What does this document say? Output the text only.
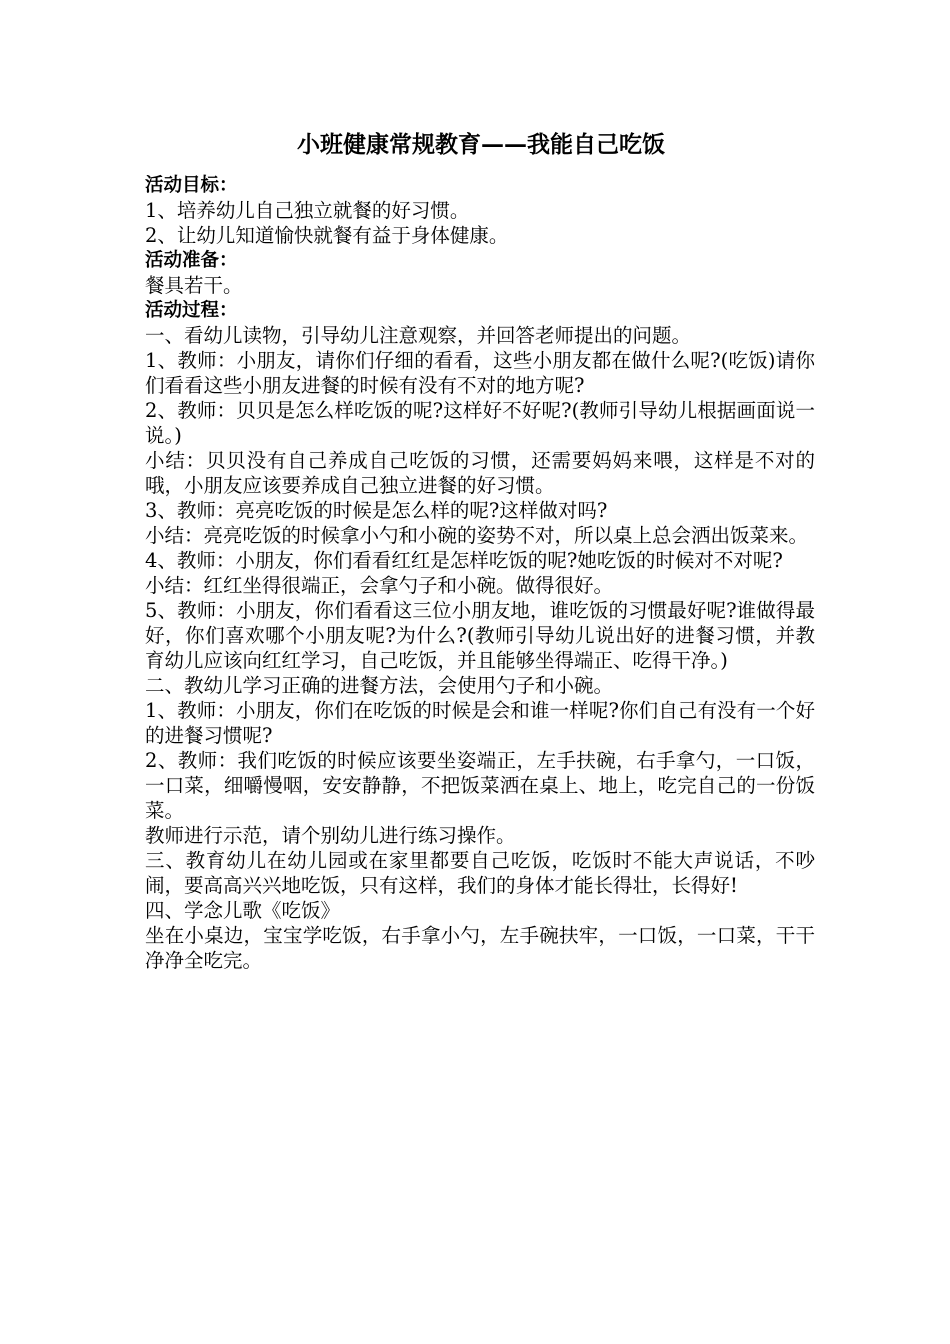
小班健康常规教育——我能自己吃饭

活动目标：

1、培养幼儿自己独立就餐的好习惯。

2、让幼儿知道愉快就餐有益于身体健康。

活动准备：

餐具若干。

活动过程：

一、看幼儿读物，引导幼儿注意观察，并回答老师提出的问题。

1、教师：小朋友，请你们仔细的看看，这些小朋友都在做什么呢?(吃饭)请你们看看这些小朋友进餐的时候有没有不对的地方呢?

2、教师：贝贝是怎么样吃饭的呢?这样好不好呢?(教师引导幼儿根据画面说一说。)

小结：贝贝没有自己养成自己吃饭的习惯，还需要妈妈来喂，这样是不对的哦，小朋友应该要养成自己独立进餐的好习惯。

3、教师：亮亮吃饭的时候是怎么样的呢?这样做对吗?

小结：亮亮吃饭的时候拿小勺和小碗的姿势不对，所以桌上总会洒出饭菜来。

4、教师：小朋友，你们看看红红是怎样吃饭的呢?她吃饭的时候对不对呢?

小结：红红坐得很端正，会拿勺子和小碗。做得很好。

5、教师：小朋友，你们看看这三位小朋友地，谁吃饭的习惯最好呢?谁做得最好，你们喜欢哪个小朋友呢?为什么?(教师引导幼儿说出好的进餐习惯，并教育幼儿应该向红红学习，自己吃饭，并且能够坐得端正、吃得干净。)

二、教幼儿学习正确的进餐方法，会使用勺子和小碗。

1、教师：小朋友，你们在吃饭的时候是会和谁一样呢?你们自己有没有一个好的进餐习惯呢?

2、教师：我们吃饭的时候应该要坐姿端正，左手扶碗，右手拿勺，一口饭，一口菜，细嚼慢咽，安安静静，不把饭菜洒在桌上、地上，吃完自己的一份饭菜。

教师进行示范，请个别幼儿进行练习操作。

三、教育幼儿在幼儿园或在家里都要自己吃饭，吃饭时不能大声说话，不吵闹，要高高兴兴地吃饭，只有这样，我们的身体才能长得壮，长得好!

四、学念儿歌《吃饭》

坐在小桌边，宝宝学吃饭，右手拿小勺，左手碗扶牢，一口饭，一口菜，干干净净全吃完。
